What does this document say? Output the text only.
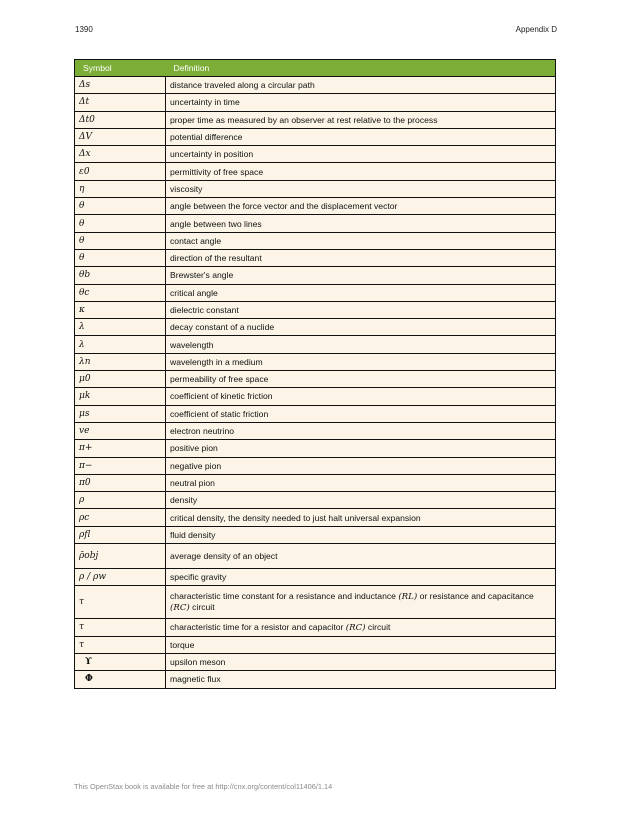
1390	Appendix D
Symbol	Definition
Δs	distance traveled along a circular path
Δt	uncertainty in time
Δt0	proper time as measured by an observer at rest relative to the process
ΔV	potential difference
Δx	uncertainty in position
ε0	permittivity of free space
η	viscosity
θ	angle between the force vector and the displacement vector
θ	angle between two lines
θ	contact angle
θ	direction of the resultant
θb	Brewster's angle
θc	critical angle
κ	dielectric constant
λ	decay constant of a nuclide
λ	wavelength
λn	wavelength in a medium
μ0	permeability of free space
μk	coefficient of kinetic friction
μs	coefficient of static friction
ve	electron neutrino
π+	positive pion
π−	negative pion
π0	neutral pion
ρ	density
ρc	critical density, the density needed to just halt universal expansion
ρfl	fluid density
ρ̄obj	average density of an object
ρ / ρw	specific gravity
τ	characteristic time constant for a resistance and inductance (RL) or resistance and capacitance (RC) circuit
τ	characteristic time for a resistor and capacitor (RC) circuit
τ	torque
ϒ	upsilon meson
Φ	magnetic flux
This OpenStax book is available for free at http://cnx.org/content/col11406/1.14
